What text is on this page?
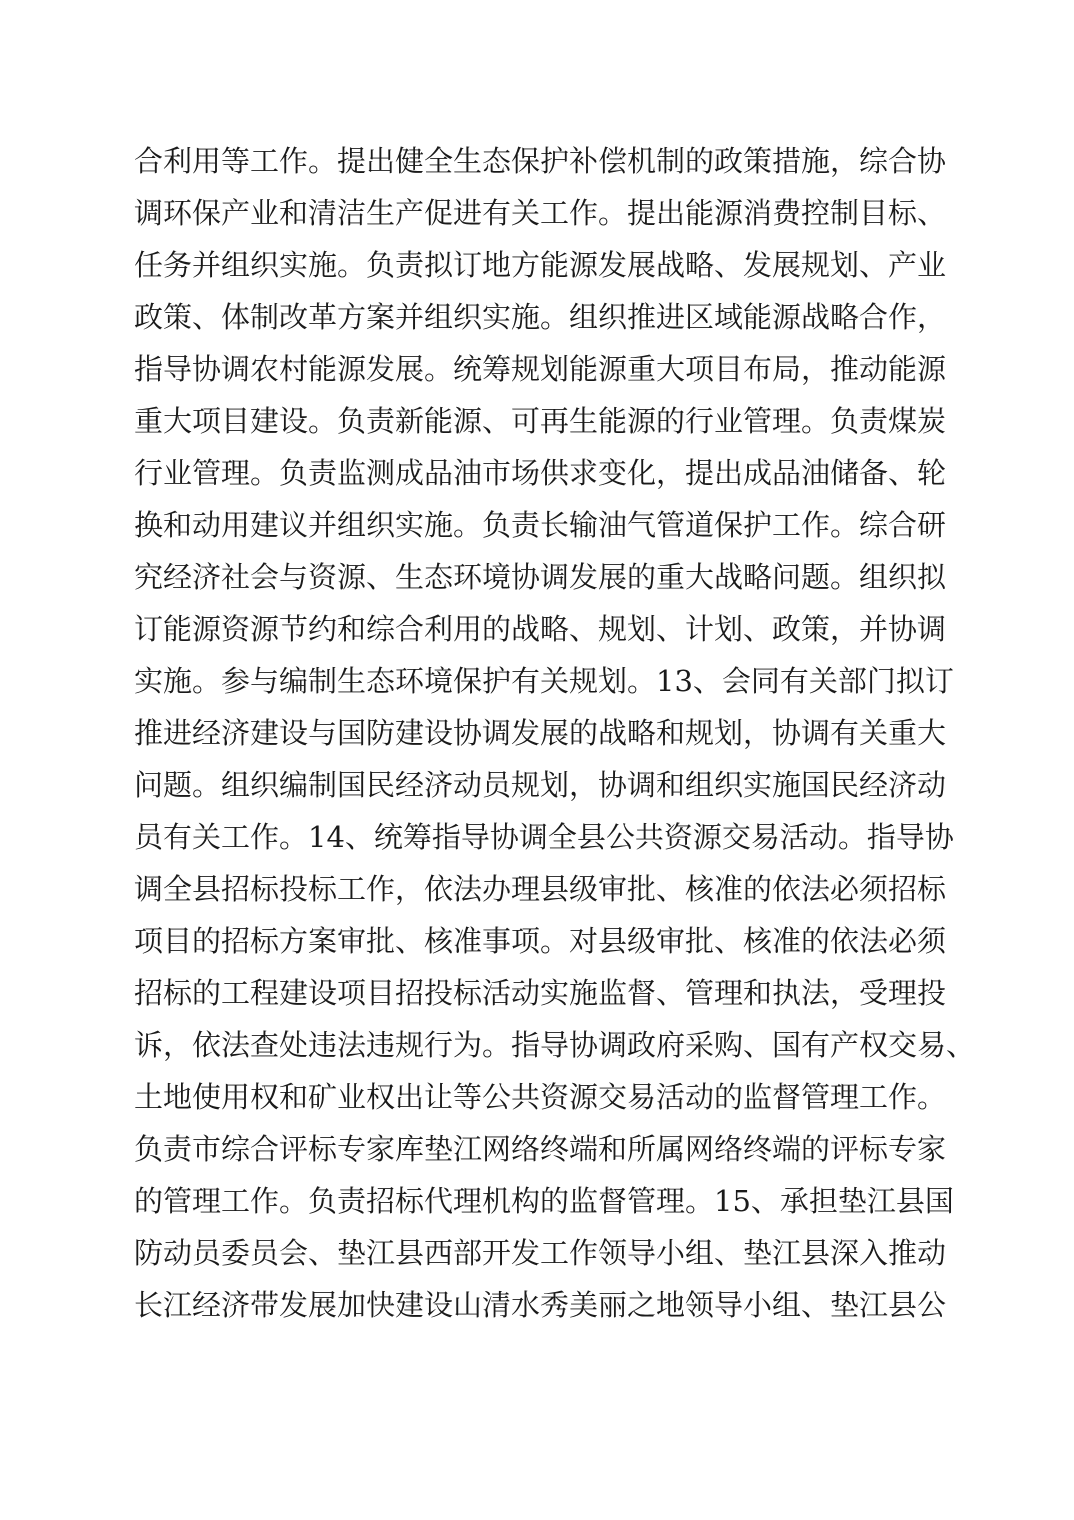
合利用等工作。提出健全生态保护补偿机制的政策措施，综合协
调环保产业和清洁生产促进有关工作。提出能源消费控制目标、
任务并组织实施。负责拟订地方能源发展战略、发展规划、产业
政策、体制改革方案并组织实施。组织推进区域能源战略合作，
指导协调农村能源发展。统筹规划能源重大项目布局，推动能源
重大项目建设。负责新能源、可再生能源的行业管理。负责煤炭
行业管理。负责监测成品油市场供求变化，提出成品油储备、轮
换和动用建议并组织实施。负责长输油气管道保护工作。综合研
究经济社会与资源、生态环境协调发展的重大战略问题。组织拟
订能源资源节约和综合利用的战略、规划、计划、政策，并协调
实施。参与编制生态环境保护有关规划。13、会同有关部门拟订
推进经济建设与国防建设协调发展的战略和规划，协调有关重大
问题。组织编制国民经济动员规划，协调和组织实施国民经济动
员有关工作。14、统筹指导协调全县公共资源交易活动。指导协
调全县招标投标工作，依法办理县级审批、核准的依法必须招标
项目的招标方案审批、核准事项。对县级审批、核准的依法必须
招标的工程建设项目招投标活动实施监督、管理和执法，受理投
诉，依法查处违法违规行为。指导协调政府采购、国有产权交易、
土地使用权和矿业权出让等公共资源交易活动的监督管理工作。
负责市综合评标专家库垫江网络终端和所属网络终端的评标专家
的管理工作。负责招标代理机构的监督管理。15、承担垫江县国
防动员委员会、垫江县西部开发工作领导小组、垫江县深入推动
长江经济带发展加快建设山清水秀美丽之地领导小组、垫江县公
